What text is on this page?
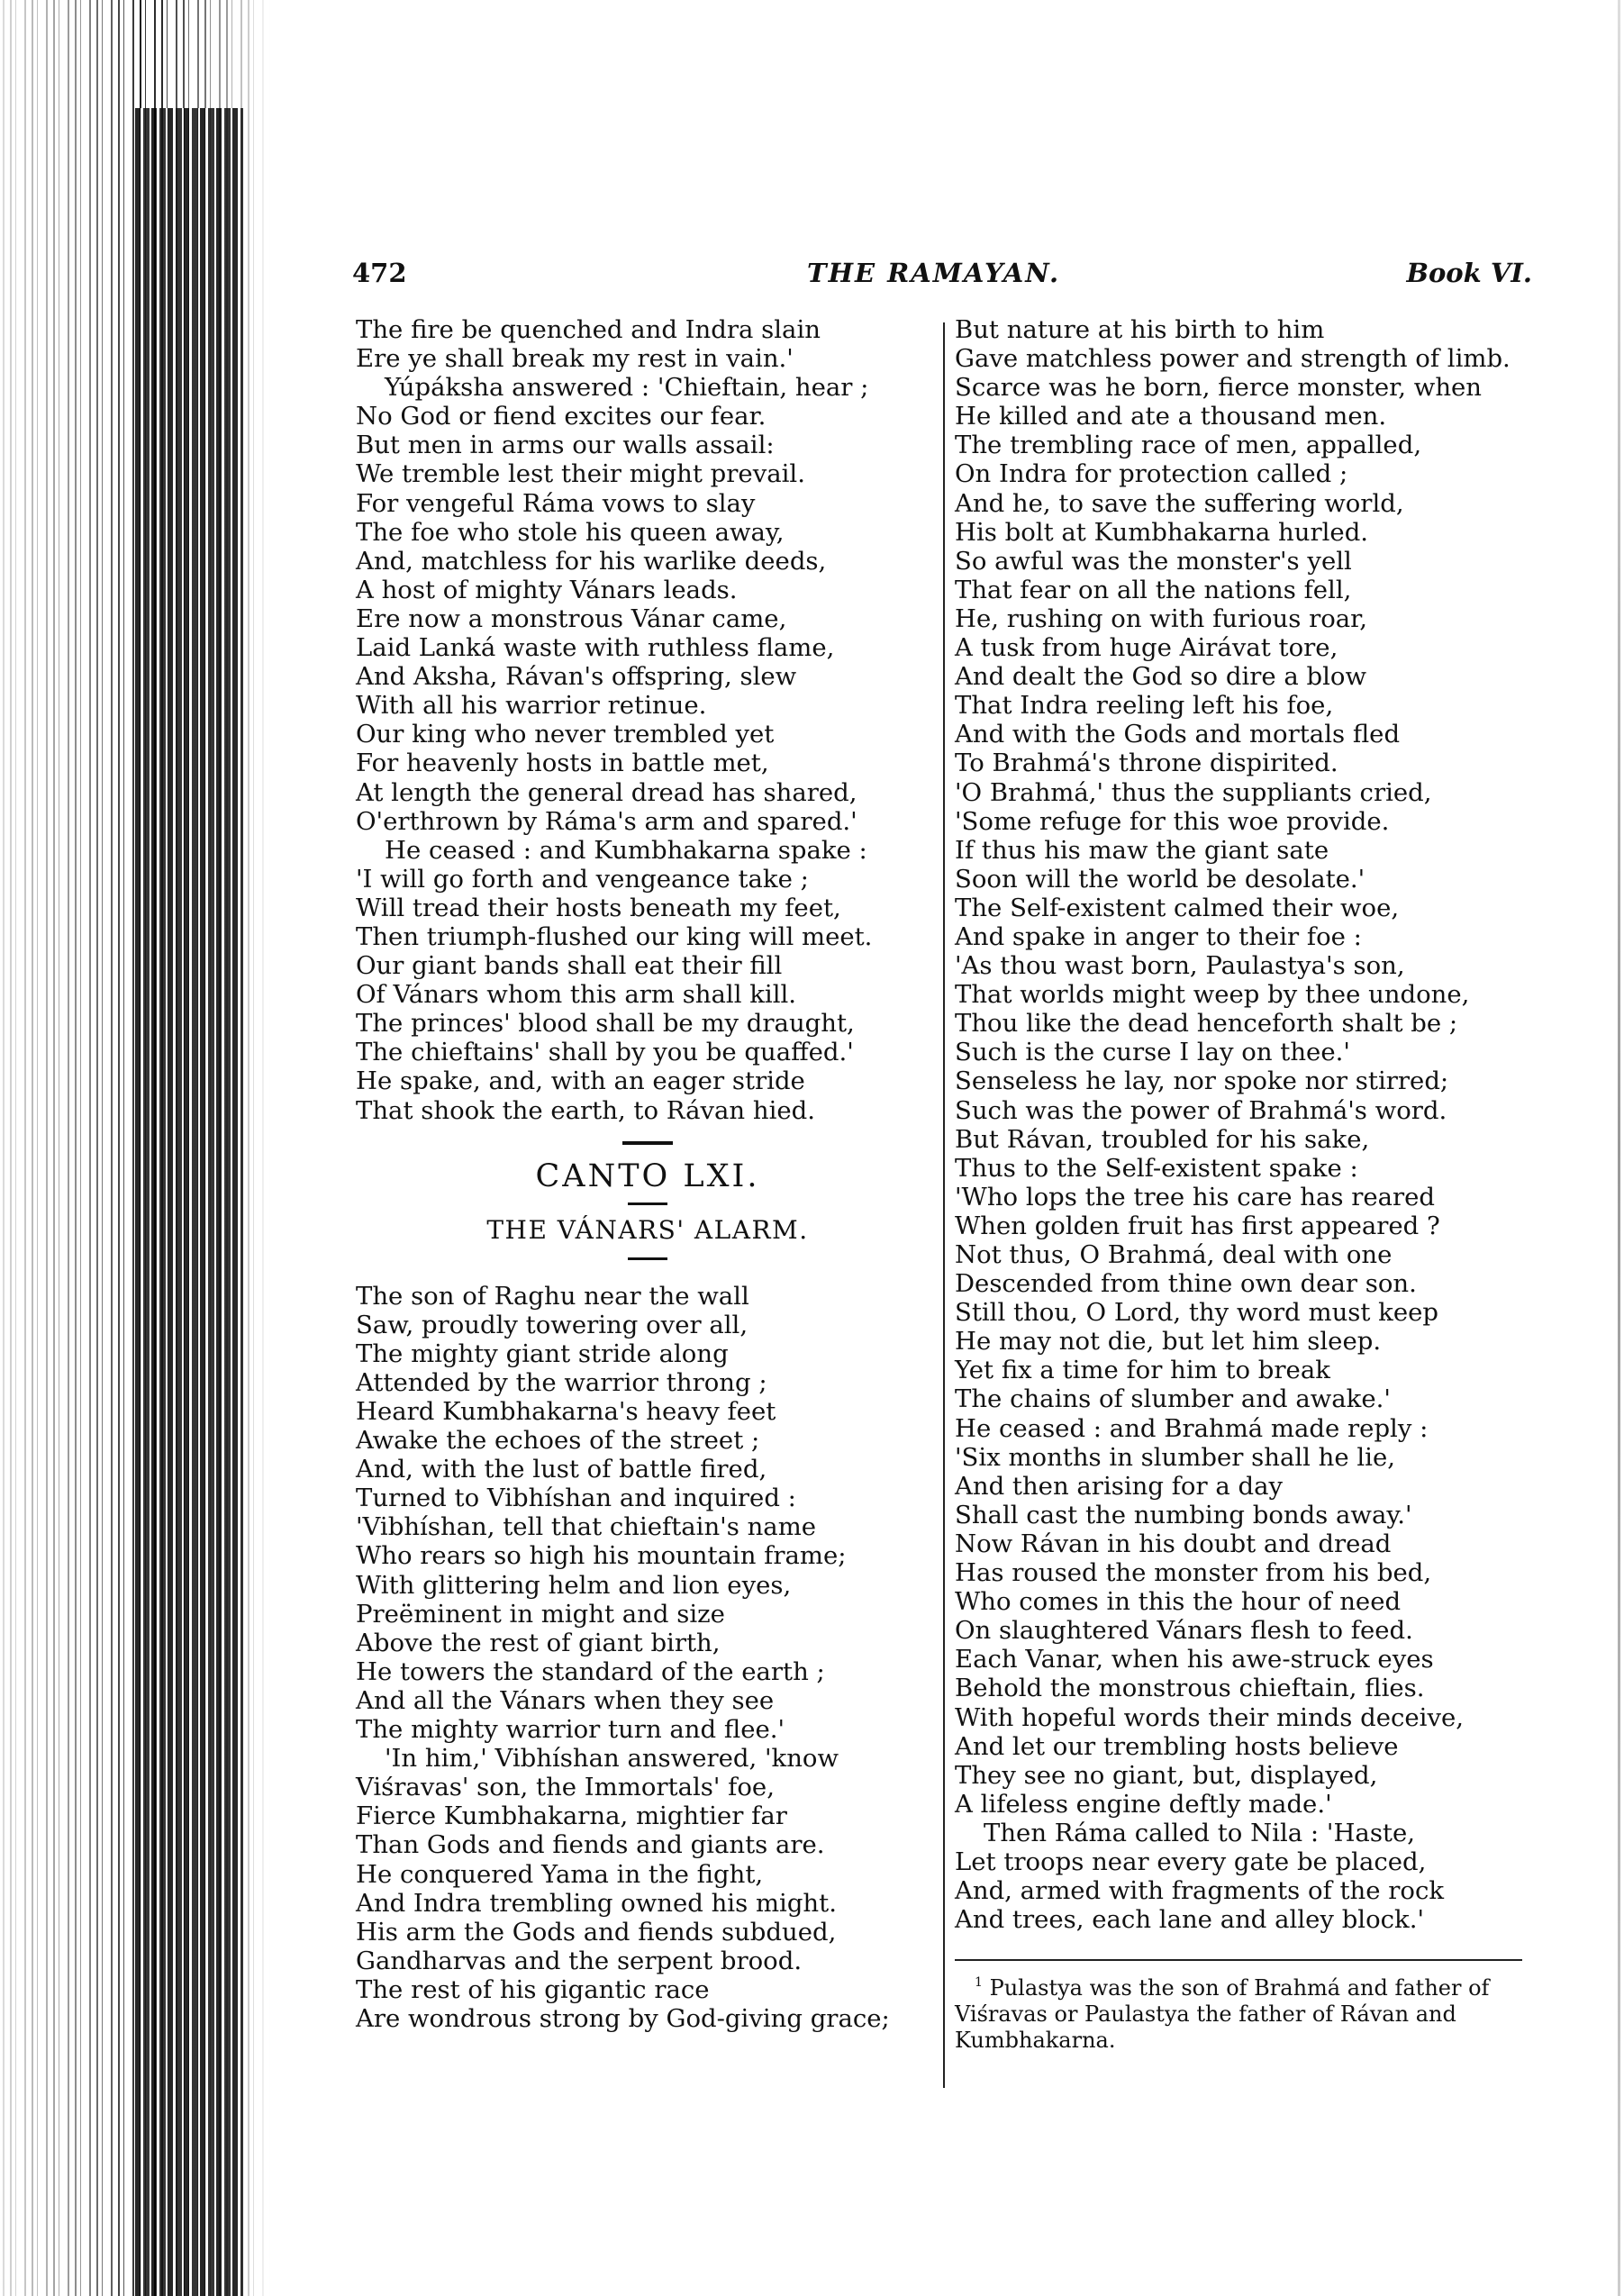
472	THE RAMAYAN.	Book VI.
The fire be quenched and Indra slain
Ere ye shall break my rest in vain.'
Yúpáksha answered : 'Chieftain, hear ;
No God or fiend excites our fear.
But men in arms our walls assail:
We tremble lest their might prevail.
For vengeful Ráma vows to slay
The foe who stole his queen away,
And, matchless for his warlike deeds,
A host of mighty Vánars leads.
Ere now a monstrous Vánar came,
Laid Lanká waste with ruthless flame,
And Aksha, Rávan's offspring, slew
With all his warrior retinue.
Our king who never trembled yet
For heavenly hosts in battle met,
At length the general dread has shared,
O'erthrown by Ráma's arm and spared.'
He ceased : and Kumbhakarna spake :
'I will go forth and vengeance take ;
Will tread their hosts beneath my feet,
Then triumph-flushed our king will meet.
Our giant bands shall eat their fill
Of Vánars whom this arm shall kill.
The princes' blood shall be my draught,
The chieftains' shall by you be quaffed.'
He spake, and, with an eager stride
That shook the earth, to Rávan hied.
CANTO LXI.
THE VÁNARS' ALARM.
The son of Raghu near the wall
Saw, proudly towering over all,
The mighty giant stride along
Attended by the warrior throng ;
Heard Kumbhakarna's heavy feet
Awake the echoes of the street ;
And, with the lust of battle fired,
Turned to Vibhíshan and inquired :
'Vibhíshan, tell that chieftain's name
Who rears so high his mountain frame;
With glittering helm and lion eyes,
Preëminent in might and size
Above the rest of giant birth,
He towers the standard of the earth ;
And all the Vánars when they see
The mighty warrior turn and flee.'
'In him,' Vibhíshan answered, 'know
Viśravas' son, the Immortals' foe,
Fierce Kumbhakarna, mightier far
Than Gods and fiends and giants are.
He conquered Yama in the fight,
And Indra trembling owned his might.
His arm the Gods and fiends subdued,
Gandharvas and the serpent brood.
The rest of his gigantic race
Are wondrous strong by God-giving grace;
But nature at his birth to him
Gave matchless power and strength of limb.
Scarce was he born, fierce monster, when
He killed and ate a thousand men.
The trembling race of men, appalled,
On Indra for protection called ;
And he, to save the suffering world,
His bolt at Kumbhakarna hurled.
So awful was the monster's yell
That fear on all the nations fell,
He, rushing on with furious roar,
A tusk from huge Airávat tore,
And dealt the God so dire a blow
That Indra reeling left his foe,
And with the Gods and mortals fled
To Brahmá's throne dispirited.
'O Brahmá,' thus the suppliants cried,
'Some refuge for this woe provide.
If thus his maw the giant sate
Soon will the world be desolate.'
The Self-existent calmed their woe,
And spake in anger to their foe :
'As thou wast born, Paulastya's son,
That worlds might weep by thee undone,
Thou like the dead henceforth shalt be ;
Such is the curse I lay on thee.'
Senseless he lay, nor spoke nor stirred;
Such was the power of Brahmá's word.
But Rávan, troubled for his sake,
Thus to the Self-existent spake :
'Who lops the tree his care has reared
When golden fruit has first appeared ?
Not thus, O Brahmá, deal with one
Descended from thine own dear son.
Still thou, O Lord, thy word must keep
He may not die, but let him sleep.
Yet fix a time for him to break
The chains of slumber and awake.'
He ceased : and Brahmá made reply :
'Six months in slumber shall he lie,
And then arising for a day
Shall cast the numbing bonds away.'
Now Rávan in his doubt and dread
Has roused the monster from his bed,
Who comes in this the hour of need
On slaughtered Vánars flesh to feed.
Each Vanar, when his awe-struck eyes
Behold the monstrous chieftain, flies.
With hopeful words their minds deceive,
And let our trembling hosts believe
They see no giant, but, displayed,
A lifeless engine deftly made.'
Then Ráma called to Nila : 'Haste,
Let troops near every gate be placed,
And, armed with fragments of the rock
And trees, each lane and alley block.'
$^1$ Pulastya was the son of Brahmá and father of Viśravas or Paulastya the father of Rávan and Kumbhakarna.
